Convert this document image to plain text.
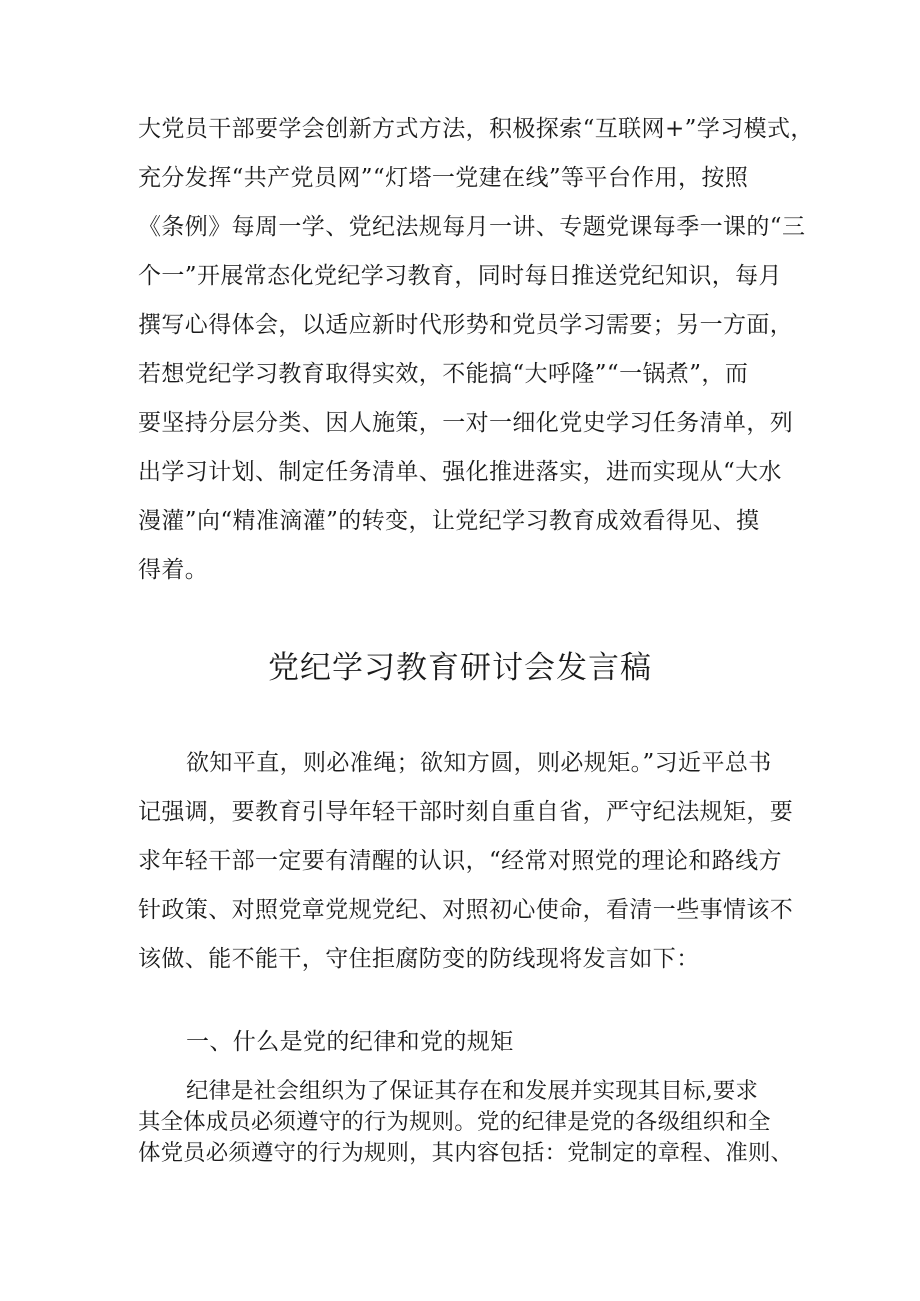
大党员干部要学会创新方式方法，积极探索“互联网+”学习模式，
充分发挥“共产党员网”“灯塔一党建在线”等平台作用，按照
《条例》每周一学、党纪法规每月一讲、专题党课每季一课的“三
个一”开展常态化党纪学习教育，同时每日推送党纪知识，每月
撰写心得体会，以适应新时代形势和党员学习需要；另一方面，
若想党纪学习教育取得实效，不能搞“大呼隆”“一锅煮”，而
要坚持分层分类、因人施策，一对一细化党史学习任务清单，列
出学习计划、制定任务清单、强化推进落实，进而实现从“大水
漫灌”向“精准滴灌”的转变，让党纪学习教育成效看得见、摸
得着。
党纪学习教育研讨会发言稿
欲知平直，则必准绳；欲知方圆，则必规矩。”习近平总书
记强调，要教育引导年轻干部时刻自重自省，严守纪法规矩，要
求年轻干部一定要有清醒的认识，“经常对照党的理论和路线方
针政策、对照党章党规党纪、对照初心使命，看清一些事情该不
该做、能不能干，守住拒腐防变的防线现将发言如下：
一、什么是党的纪律和党的规矩
纪律是社会组织为了保证其存在和发展并实现其目标,要求
其全体成员必须遵守的行为规则。党的纪律是党的各级组织和全
体党员必须遵守的行为规则，其内容包括：党制定的章程、准则、
